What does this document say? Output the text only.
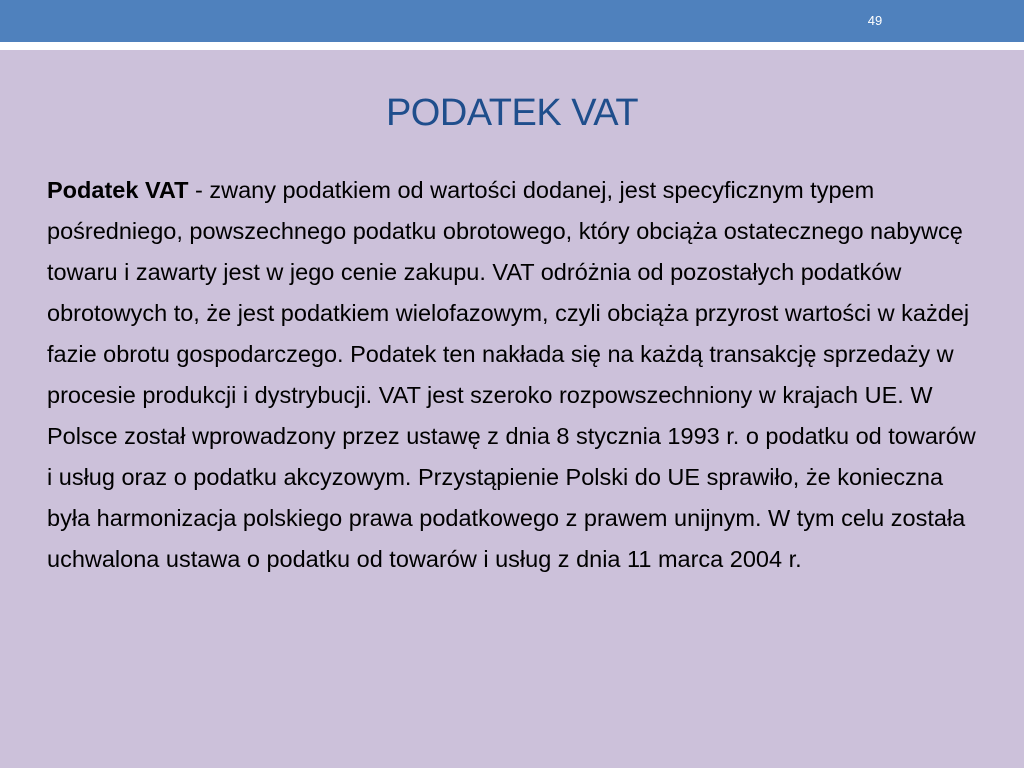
49
PODATEK VAT

Podatek VAT - zwany podatkiem od wartości dodanej, jest specyficznym typem pośredniego, powszechnego podatku obrotowego, który obciąża ostatecznego nabywcę towaru i zawarty jest w jego cenie zakupu. VAT odróżnia od pozostałych podatków obrotowych to, że jest podatkiem wielofazowym, czyli obciąża przyrost wartości w każdej fazie obrotu gospodarczego. Podatek ten nakłada się na każdą transakcję sprzedaży w procesie produkcji i dystrybucji. VAT jest szeroko rozpowszechniony w krajach UE. W Polsce został wprowadzony przez ustawę z dnia 8 stycznia 1993 r. o podatku od towarów i usług oraz o podatku akcyzowym. Przystąpienie Polski do UE sprawiło, że konieczna była harmonizacja polskiego prawa podatkowego z prawem unijnym. W tym celu została uchwalona ustawa o podatku od towarów i usług z dnia 11 marca 2004 r.
